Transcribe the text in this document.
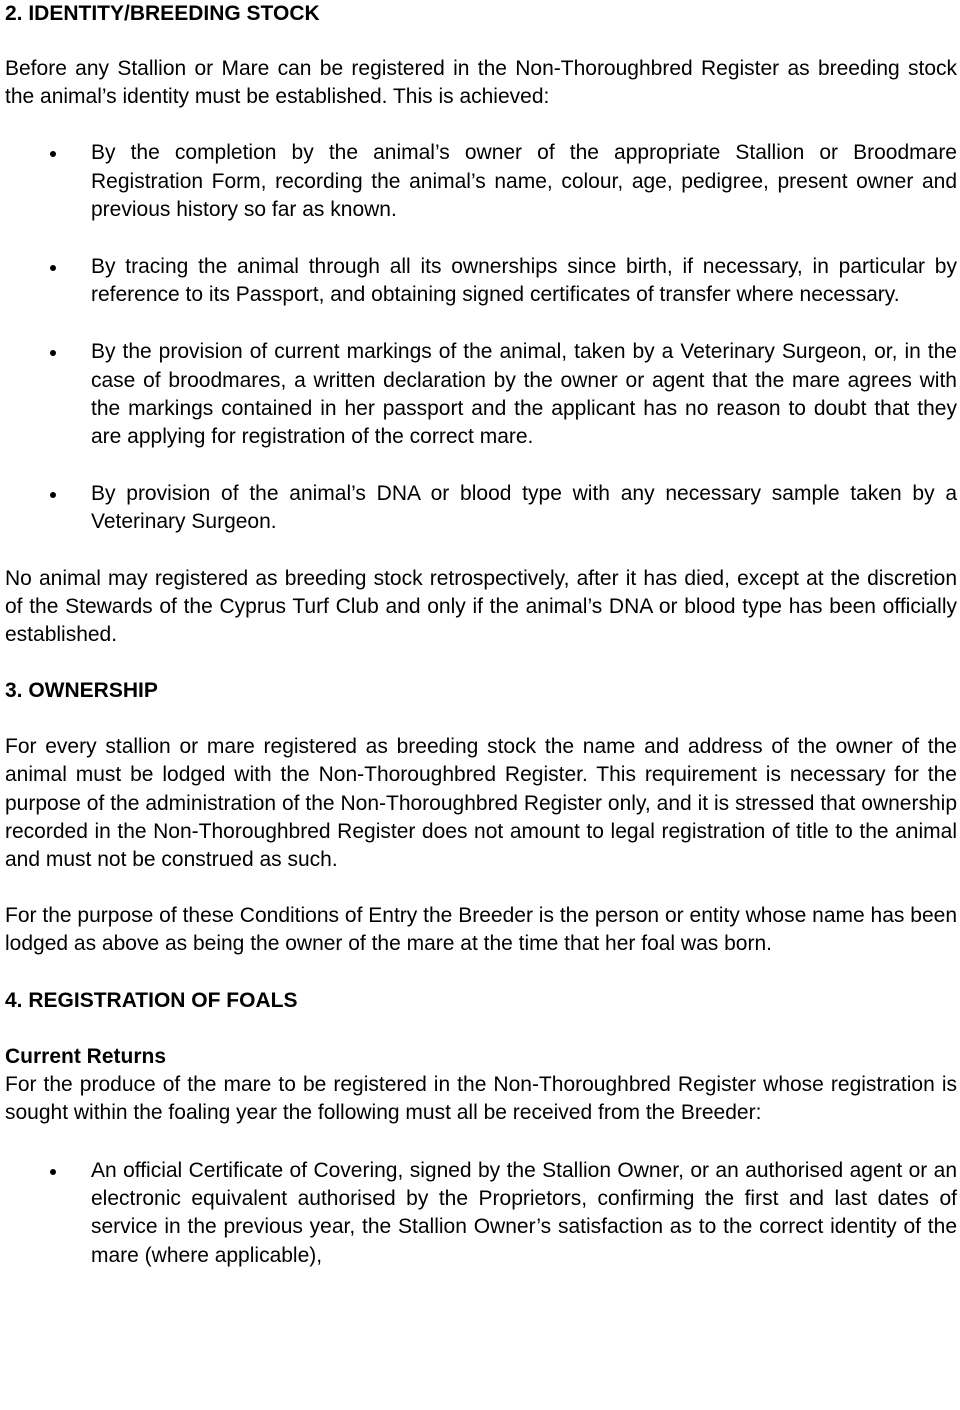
2. IDENTITY/BREEDING STOCK

Before any Stallion or Mare can be registered in the Non-Thoroughbred Register as breeding stock the animal’s identity must be established. This is achieved:

By the completion by the animal’s owner of the appropriate Stallion or Broodmare Registration Form, recording the animal’s name, colour, age, pedigree, present owner and previous history so far as known.
By tracing the animal through all its ownerships since birth, if necessary, in particular by reference to its Passport, and obtaining signed certificates of transfer where necessary.
By the provision of current markings of the animal, taken by a Veterinary Surgeon, or, in the case of broodmares, a written declaration by the owner or agent that the mare agrees with the markings contained in her passport and the applicant has no reason to doubt that they are applying for registration of the correct mare.
By provision of the animal’s DNA or blood type with any necessary sample taken by a Veterinary Surgeon.

No animal may registered as breeding stock retrospectively, after it has died, except at the discretion of the Stewards of the Cyprus Turf Club and only if the animal’s DNA or blood type has been officially established.

3. OWNERSHIP

For every stallion or mare registered as breeding stock the name and address of the owner of the animal must be lodged with the Non-Thoroughbred Register. This requirement is necessary for the purpose of the administration of the Non-Thoroughbred Register only, and it is stressed that ownership recorded in the Non-Thoroughbred Register does not amount to legal registration of title to the animal and must not be construed as such.

For the purpose of these Conditions of Entry the Breeder is the person or entity whose name has been lodged as above as being the owner of the mare at the time that her foal was born.

4. REGISTRATION OF FOALS
Current Returns

For the produce of the mare to be registered in the Non-Thoroughbred Register whose registration is sought within the foaling year the following must all be received from the Breeder:

An official Certificate of Covering, signed by the Stallion Owner, or an authorised agent or an electronic equivalent authorised by the Proprietors, confirming the first and last dates of service in the previous year, the Stallion Owner’s satisfaction as to the correct identity of the mare (where applicable),
